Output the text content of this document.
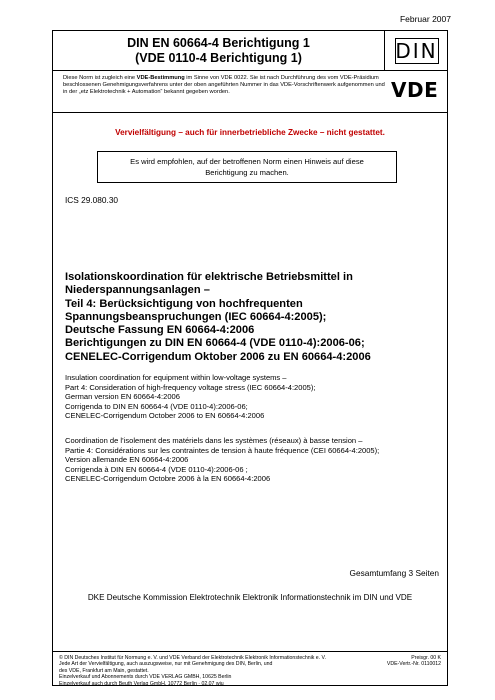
Februar 2007
DIN EN 60664-4 Berichtigung 1
(VDE 0110-4 Berichtigung 1)	DIN
Diese Norm ist zugleich eine VDE-Bestimmung im Sinne von VDE 0022. Sie ist nach Durchführung des vom VDE-Präsidium beschlossenen Genehmigungsverfahrens unter der oben angeführten Nummer in das VDE-Vorschriftenwerk aufgenommen und in der „etz Elektrotechnik + Automation“ bekannt gegeben worden.	VDE
Vervielfältigung – auch für innerbetriebliche Zwecke – nicht gestattet.
Es wird empfohlen, auf der betroffenen Norm einen Hinweis auf diese
Berichtigung zu machen.
ICS 29.080.30
Isolationskoordination für elektrische Betriebsmittel in
Niederspannungsanlagen –
Teil 4: Berücksichtigung von hochfrequenten
Spannungsbeanspruchungen (IEC 60664-4:2005);
Deutsche Fassung EN 60664-4:2006
Berichtigungen zu DIN EN 60664-4 (VDE 0110-4):2006-06;
CENELEC-Corrigendum Oktober 2006 zu EN 60664-4:2006
Insulation coordination for equipment within low-voltage systems –
Part 4: Consideration of high-frequency voltage stress (IEC 60664-4:2005);
German version EN 60664-4:2006
Corrigenda to DIN EN 60664-4 (VDE 0110-4):2006-06;
CENELEC-Corrigendum October 2006 to EN 60664-4:2006
Coordination de l’isolement des matériels dans les systèmes (réseaux) à basse tension –
Partie 4: Considérations sur les contraintes de tension à haute fréquence (CEI 60664-4:2005);
Version allemande EN 60664-4:2006
Corrigenda à DIN EN 60664-4 (VDE 0110-4):2006-06 ;
CENELEC-Corrigendum Octobre 2006 à la EN 60664-4:2006
Gesamtumfang 3 Seiten
DKE Deutsche Kommission Elektrotechnik Elektronik Informationstechnik im DIN und VDE
© DIN Deutsches Institut für Normung e. V. und VDE Verband der Elektrotechnik Elektronik Informationstechnik e. V.
Jede Art der Vervielfältigung, auch auszugsweise, nur mit Genehmigung des DIN, Berlin, und
des VDE, Frankfurt am Main, gestattet.
Einzelverkauf und Abonnements durch VDE VERLAG GMBH, 10625 Berlin
Einzelverkauf auch durch Beuth Verlag GmbH, 10772 Berlin · 02.07 wiu
Preisgr. 00 K
VDE-Vertr.-Nr. 0110012
